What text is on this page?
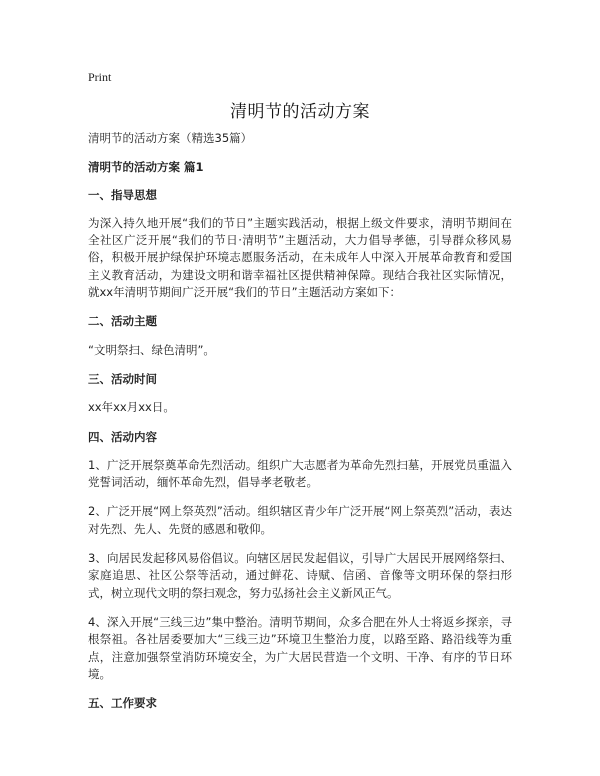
Print
清明节的活动方案

清明节的活动方案（精选35篇）

清明节的活动方案 篇1

一、指导思想

为深入持久地开展“我们的节日”主题实践活动，根据上级文件要求，清明节期间在全社区广泛开展“我们的节日·清明节”主题活动，大力倡导孝德，引导群众移风易俗，积极开展护绿保护环境志愿服务活动，在未成年人中深入开展革命教育和爱国主义教育活动，为建设文明和谐幸福社区提供精神保障。现结合我社区实际情况，就xx年清明节期间广泛开展“我们的节日”主题活动方案如下：

二、活动主题

“文明祭扫、绿色清明”。

三、活动时间

xx年xx月xx日。

四、活动内容

1、广泛开展祭奠革命先烈活动。组织广大志愿者为革命先烈扫墓，开展党员重温入党誓词活动，缅怀革命先烈，倡导孝老敬老。

2、广泛开展“网上祭英烈”活动。组织辖区青少年广泛开展“网上祭英烈”活动，表达对先烈、先人、先贤的感恩和敬仰。

3、向居民发起移风易俗倡议。向辖区居民发起倡议，引导广大居民开展网络祭扫、家庭追思、社区公祭等活动，通过鲜花、诗赋、信函、音像等文明环保的祭扫形式，树立现代文明的祭扫观念，努力弘扬社会主义新风正气。

4、深入开展“三线三边”集中整治。清明节期间，众多合肥在外人士将返乡探亲，寻根祭祖。各社居委要加大“三线三边”环境卫生整治力度，以路至路、路沿线等为重点，注意加强祭堂消防环境安全，为广大居民营造一个文明、干净、有序的节日环境。

五、工作要求
